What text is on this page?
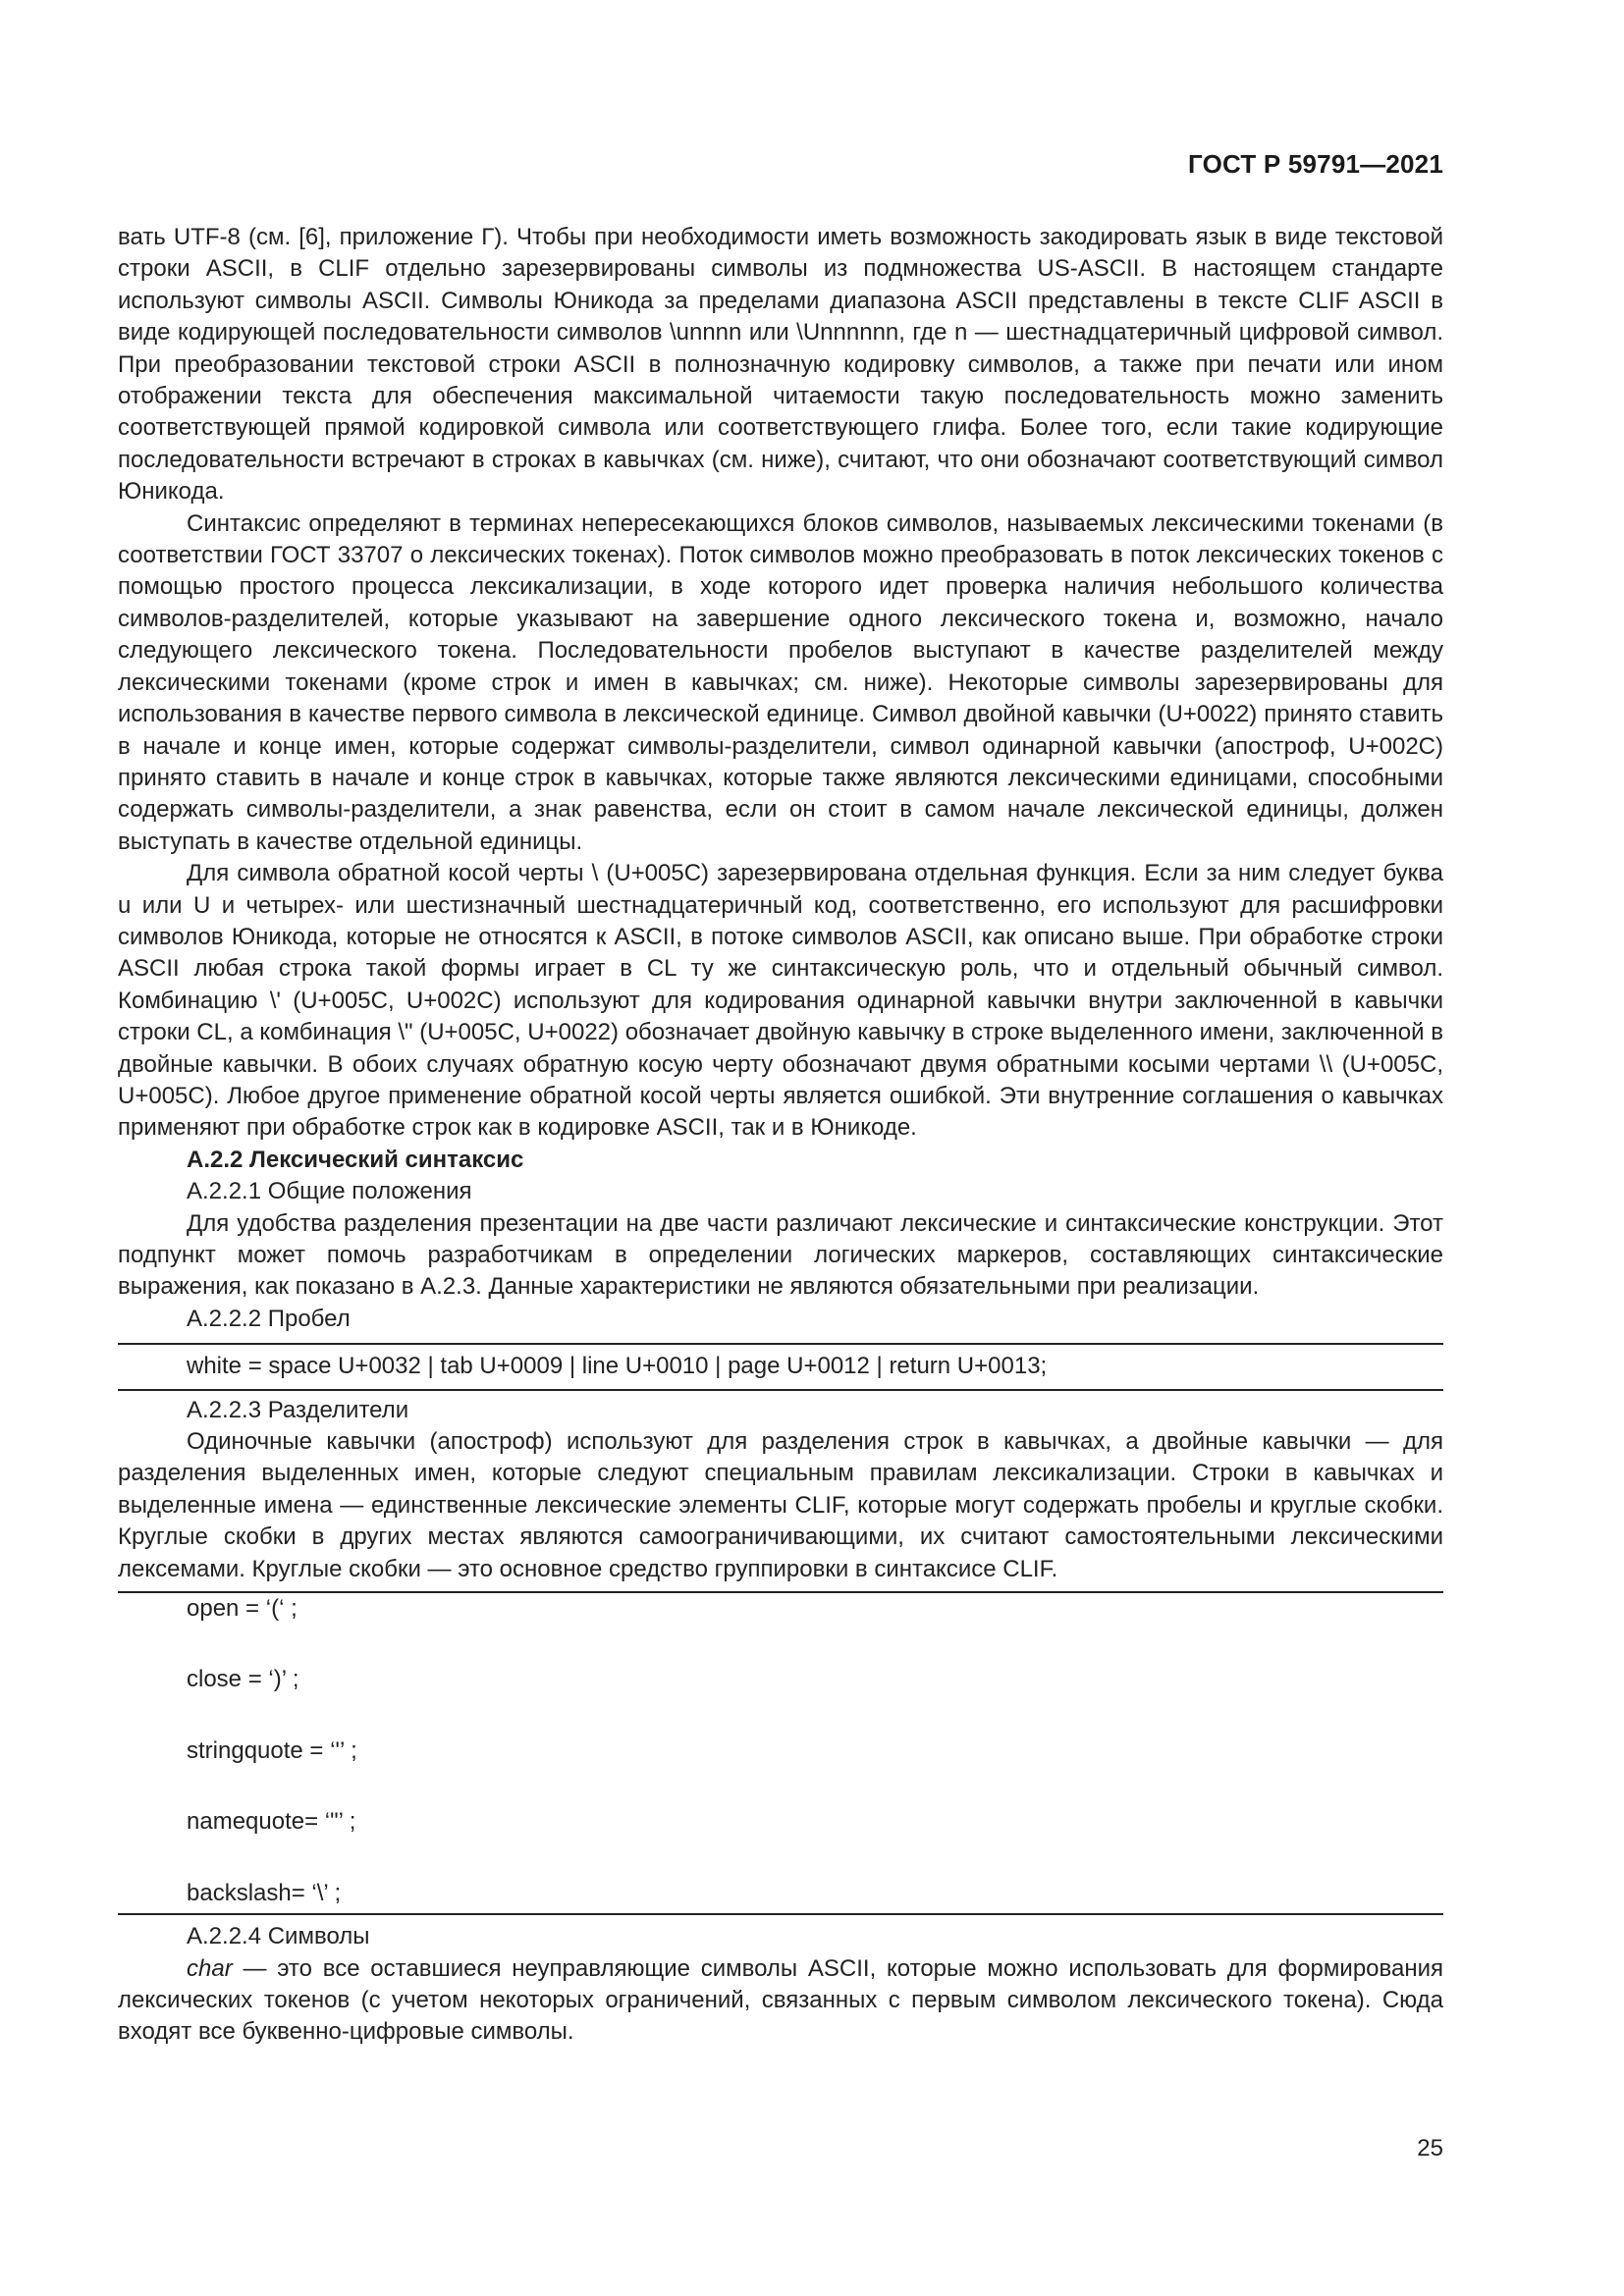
ГОСТ Р 59791—2021

вать UTF-8 (см. [6], приложение Г). Чтобы при необходимости иметь возможность закодировать язык в виде текстовой строки ASCII, в CLIF отдельно зарезервированы символы из подмножества US-ASCII. В настоящем стандарте используют символы ASCII. Символы Юникода за пределами диапазона ASCII представлены в тексте CLIF ASCII в виде кодирующей последовательности символов \unnnn или \Unnnnnn, где n — шестнадцатеричный цифровой символ. При преобразовании текстовой строки ASCII в полнозначную кодировку символов, а также при печати или ином отображении текста для обеспечения максимальной читаемости такую последовательность можно заменить соответствующей прямой кодировкой символа или соответствующего глифа. Более того, если такие кодирующие последовательности встречают в строках в кавычках (см. ниже), считают, что они обозначают соответствующий символ Юникода.

Синтаксис определяют в терминах непересекающихся блоков символов, называемых лексическими токенами (в соответствии ГОСТ 33707 о лексических токенах). Поток символов можно преобразовать в поток лексических токенов с помощью простого процесса лексикализации, в ходе которого идет проверка наличия небольшого количества символов-разделителей, которые указывают на завершение одного лексического токена и, возможно, начало следующего лексического токена. Последовательности пробелов выступают в качестве разделителей между лексическими токенами (кроме строк и имен в кавычках; см. ниже). Некоторые символы зарезервированы для использования в качестве первого символа в лексической единице. Символ двойной кавычки (U+0022) принято ставить в начале и конце имен, которые содержат символы-разделители, символ одинарной кавычки (апостроф, U+002C) принято ставить в начале и конце строк в кавычках, которые также являются лексическими единицами, способными содержать символы-разделители, а знак равенства, если он стоит в самом начале лексической единицы, должен выступать в качестве отдельной единицы.

Для символа обратной косой черты \ (U+005C) зарезервирована отдельная функция. Если за ним следует буква u или U и четырех- или шестизначный шестнадцатеричный код, соответственно, его используют для расшифровки символов Юникода, которые не относятся к ASCII, в потоке символов ASCII, как описано выше. При обработке строки ASCII любая строка такой формы играет в CL ту же синтаксическую роль, что и отдельный обычный символ. Комбинацию \' (U+005C, U+002C) используют для кодирования одинарной кавычки внутри заключенной в кавычки строки CL, а комбинация \" (U+005C, U+0022) обозначает двойную кавычку в строке выделенного имени, заключенной в двойные кавычки. В обоих случаях обратную косую черту обозначают двумя обратными косыми чертами \\ (U+005C, U+005C). Любое другое применение обратной косой черты является ошибкой. Эти внутренние соглашения о кавычках применяют при обработке строк как в кодировке ASCII, так и в Юникоде.

А.2.2 Лексический синтаксис

А.2.2.1 Общие положения

Для удобства разделения презентации на две части различают лексические и синтаксические конструкции. Этот подпункт может помочь разработчикам в определении логических маркеров, составляющих синтаксические выражения, как показано в А.2.3. Данные характеристики не являются обязательными при реализации.

А.2.2.2 Пробел

white = space U+0032 | tab U+0009 | line U+0010 | page U+0012 | return U+0013;

А.2.2.3 Разделители

Одиночные кавычки (апостроф) используют для разделения строк в кавычках, а двойные кавычки — для разделения выделенных имен, которые следуют специальным правилам лексикализации. Строки в кавычках и выделенные имена — единственные лексические элементы CLIF, которые могут содержать пробелы и круглые скобки. Круглые скобки в других местах являются самоограничивающими, их считают самостоятельными лексическими лексемами. Круглые скобки — это основное средство группировки в синтаксисе CLIF.

open = ‘(‘ ;

close = ‘)’ ;

stringquote = ‘'’ ;

namequote= ‘"’ ;

backslash= ‘\’ ;

А.2.2.4 Символы

char — это все оставшиеся неуправляющие символы ASCII, которые можно использовать для формирования лексических токенов (с учетом некоторых ограничений, связанных с первым символом лексического токена). Сюда входят все буквенно-цифровые символы.

25
